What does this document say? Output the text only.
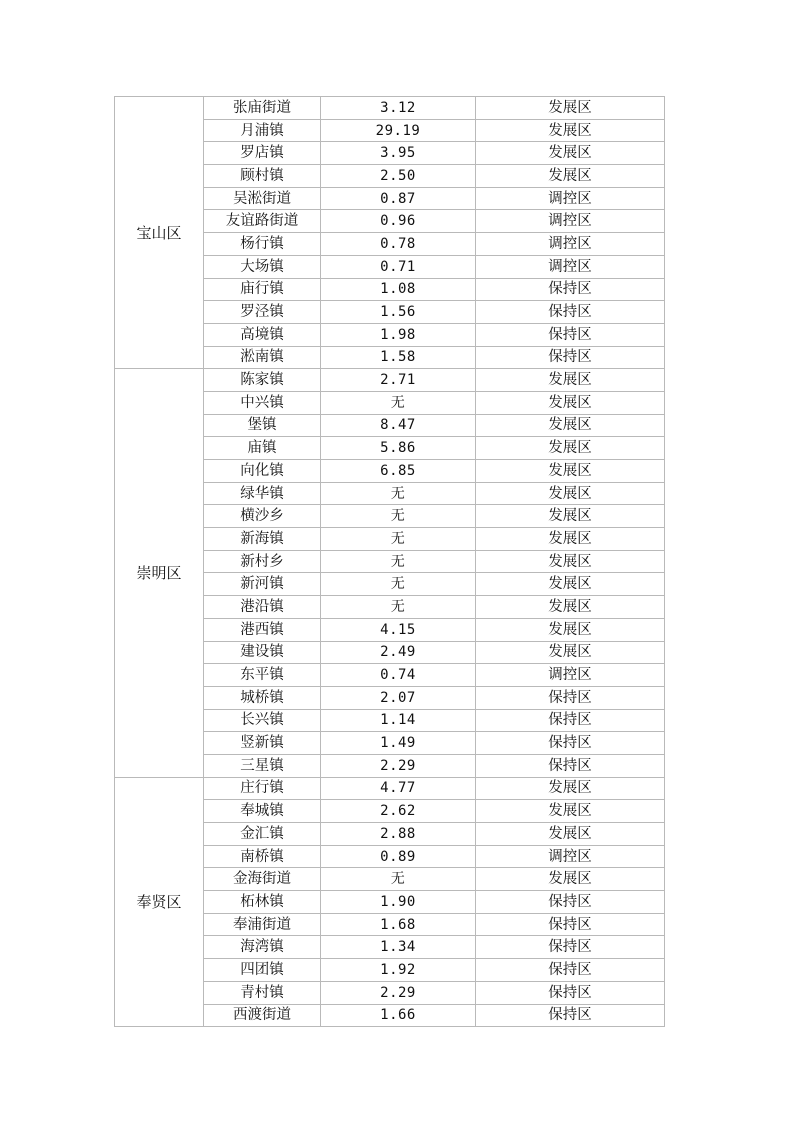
宝山区	张庙街道	3.12	发展区
	月浦镇	29.19	发展区
	罗店镇	3.95	发展区
	顾村镇	2.50	发展区
	吴淞街道	0.87	调控区
	友谊路街道	0.96	调控区
	杨行镇	0.78	调控区
	大场镇	0.71	调控区
	庙行镇	1.08	保持区
	罗泾镇	1.56	保持区
	高境镇	1.98	保持区
	淞南镇	1.58	保持区
崇明区	陈家镇	2.71	发展区
	中兴镇	无	发展区
	堡镇	8.47	发展区
	庙镇	5.86	发展区
	向化镇	6.85	发展区
	绿华镇	无	发展区
	横沙乡	无	发展区
	新海镇	无	发展区
	新村乡	无	发展区
	新河镇	无	发展区
	港沿镇	无	发展区
	港西镇	4.15	发展区
	建设镇	2.49	发展区
	东平镇	0.74	调控区
	城桥镇	2.07	保持区
	长兴镇	1.14	保持区
	竖新镇	1.49	保持区
	三星镇	2.29	保持区
奉贤区	庄行镇	4.77	发展区
	奉城镇	2.62	发展区
	金汇镇	2.88	发展区
	南桥镇	0.89	调控区
	金海街道	无	发展区
	柘林镇	1.90	保持区
	奉浦街道	1.68	保持区
	海湾镇	1.34	保持区
	四团镇	1.92	保持区
	青村镇	2.29	保持区
	西渡街道	1.66	保持区
